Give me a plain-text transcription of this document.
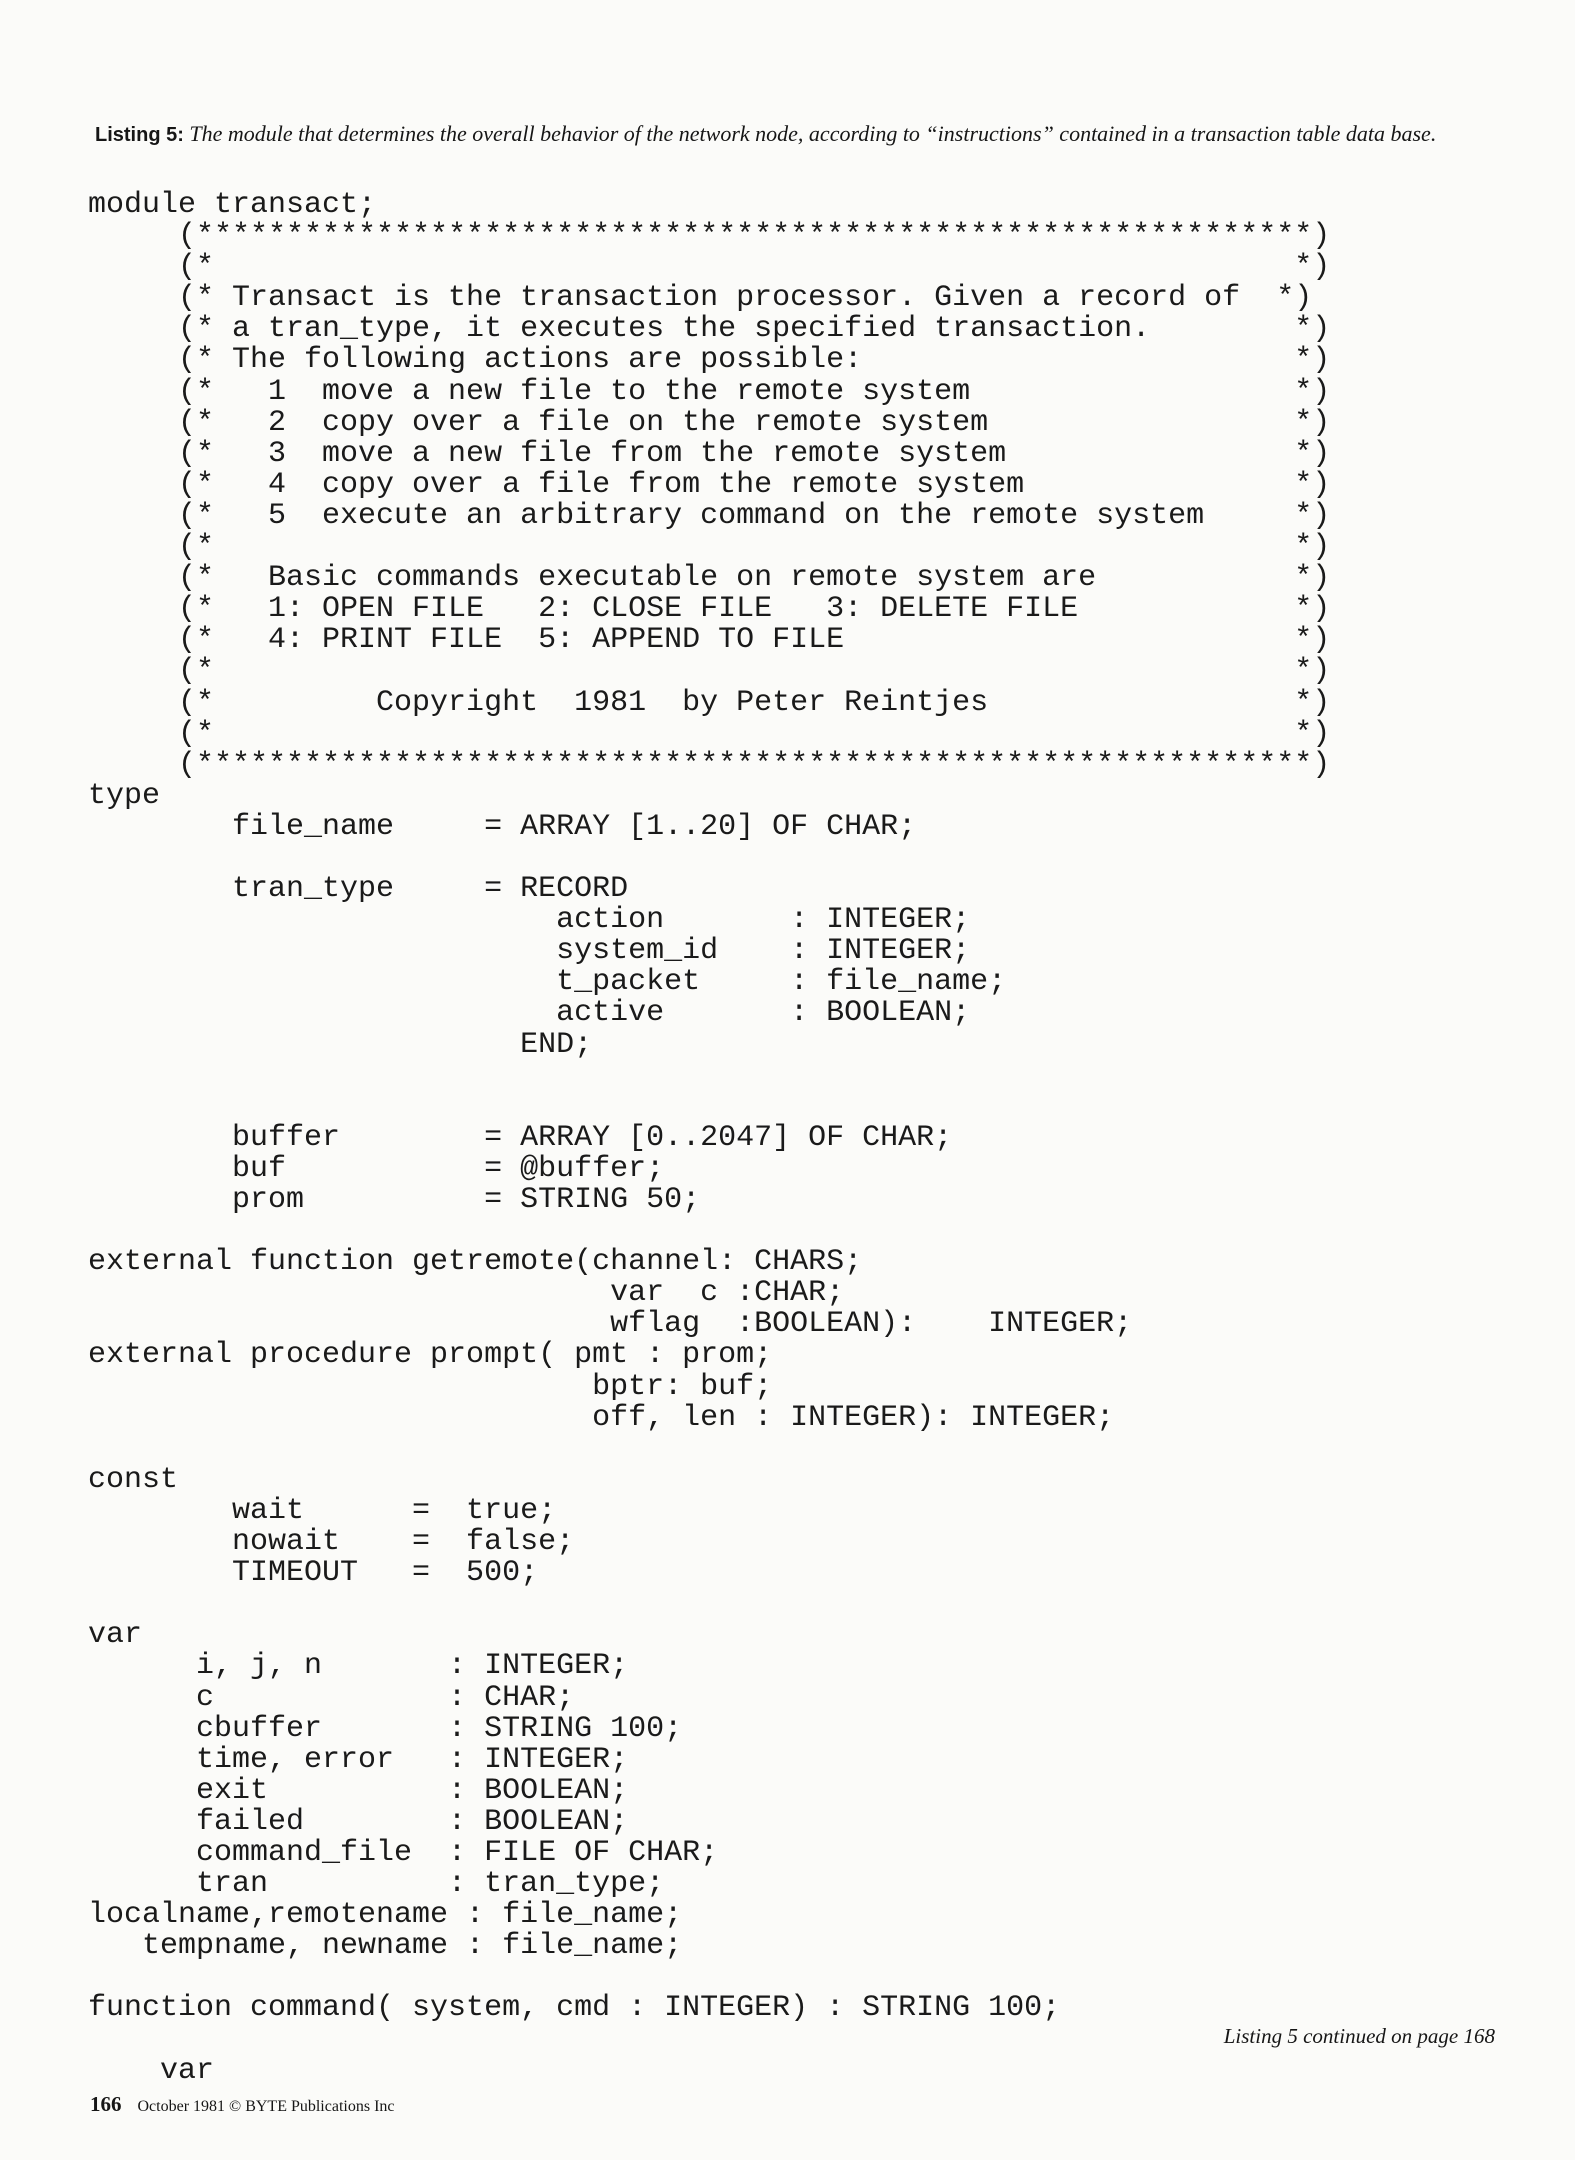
Listing 5: The module that determines the overall behavior of the network node, according to “instructions” contained in a transaction table data base.

module transact;
(**************************************************************)
(*                                                            *)
(* Transact is the transaction processor. Given a record of  *)
(* a tran_type, it executes the specified transaction.        *)
(* The following actions are possible:                        *)
(*   1  move a new file to the remote system                  *)
(*   2  copy over a file on the remote system                 *)
(*   3  move a new file from the remote system                *)
(*   4  copy over a file from the remote system               *)
(*   5  execute an arbitrary command on the remote system     *)
(*                                                            *)
(*   Basic commands executable on remote system are           *)
(*   1: OPEN FILE   2: CLOSE FILE   3: DELETE FILE            *)
(*   4: PRINT FILE  5: APPEND TO FILE                         *)
(*                                                            *)
(*         Copyright  1981  by Peter Reintjes                 *)
(*                                                            *)
(**************************************************************)
type
file_name     = ARRAY [1..20] OF CHAR;
tran_type     = RECORD
action       : INTEGER;
system_id    : INTEGER;
t_packet     : file_name;
active       : BOOLEAN;
END;
buffer        = ARRAY [0..2047] OF CHAR;
buf           = @buffer;
prom          = STRING 50;
external function getremote(channel: CHARS;
var  c :CHAR;
wflag  :BOOLEAN):    INTEGER;
external procedure prompt( pmt : prom;
bptr: buf;
off, len : INTEGER): INTEGER;
const
wait      =  true;
nowait    =  false;
TIMEOUT   =  500;
var
i, j, n       : INTEGER;
c             : CHAR;
cbuffer       : STRING 100;
time, error   : INTEGER;
exit          : BOOLEAN;
failed        : BOOLEAN;
command_file  : FILE OF CHAR;
tran          : tran_type;
localname,remotename : file_name;
tempname, newname : file_name;
function command( system, cmd : INTEGER) : STRING 100;
var

Listing 5 continued on page 168

166 October 1981 © BYTE Publications Inc
